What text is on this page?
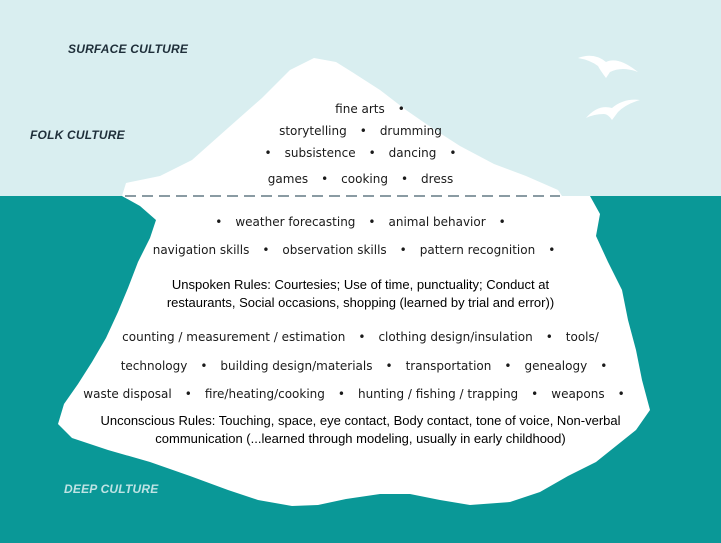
SURFACE CULTURE
FOLK CULTURE
DEEP CULTURE
fine arts •
storytelling • drumming
• subsistence • dancing •
games • cooking • dress
• weather forecasting • animal behavior •
navigation skills • observation skills • pattern recognition •
Unspoken Rules: Courtesies; Use of time, punctuality; Conduct at
restaurants, Social occasions, shopping (learned by trial and error))
counting / measurement / estimation • clothing design/insulation • tools/
technology • building design/materials • transportation • genealogy •
waste disposal • fire/heating/cooking • hunting / fishing / trapping • weapons •
Unconscious Rules: Touching, space, eye contact, Body contact, tone of voice, Non-verbal
communication (...learned through modeling, usually in early childhood)
